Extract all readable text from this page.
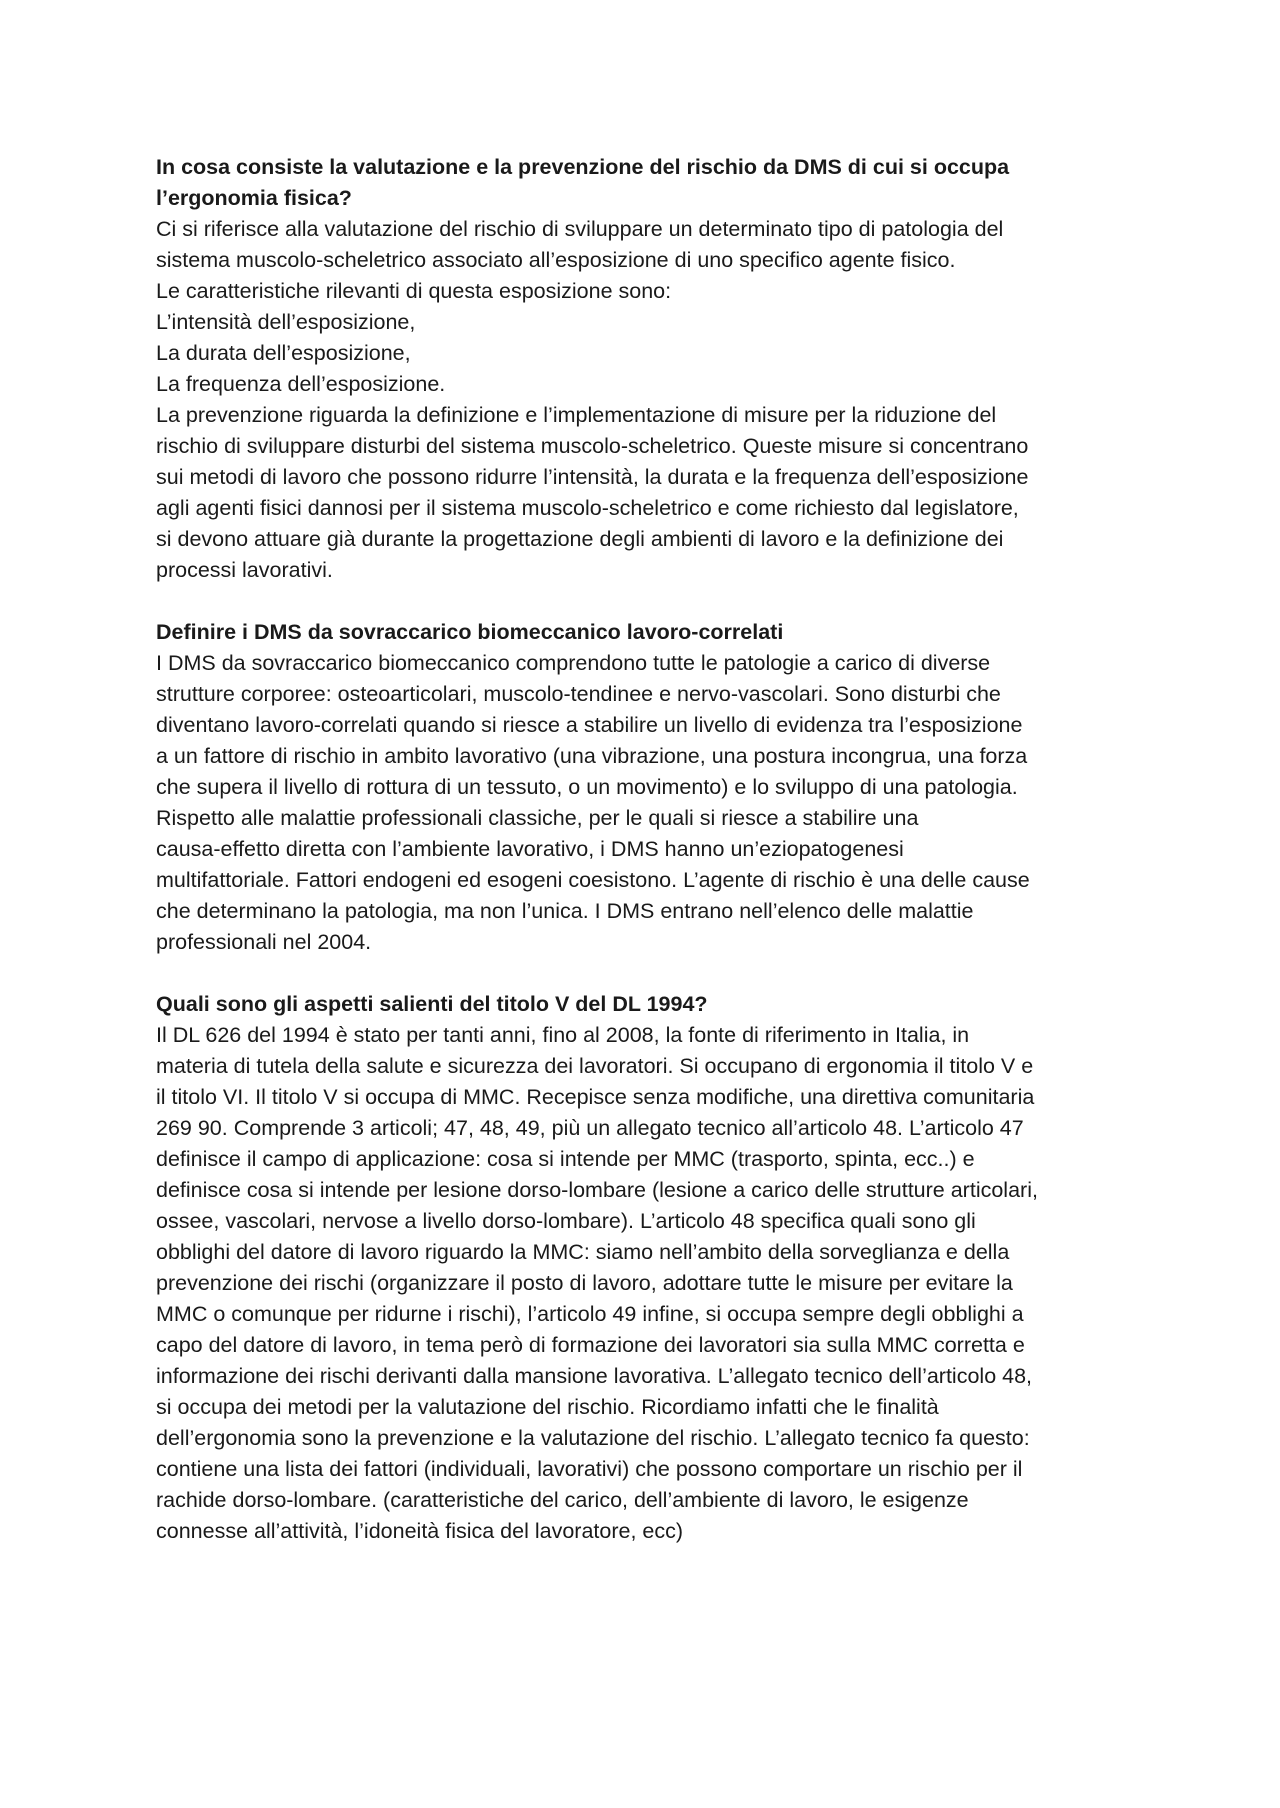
In cosa consiste la valutazione e la prevenzione del rischio da DMS di cui si occupa

l’ergonomia fisica?

Ci si riferisce alla valutazione del rischio di sviluppare un determinato tipo di patologia del

sistema muscolo-scheletrico associato all’esposizione di uno specifico agente fisico.

Le caratteristiche rilevanti di questa esposizione sono:

L’intensità dell’esposizione,

La durata dell’esposizione,

La frequenza dell’esposizione.

La prevenzione riguarda la definizione e l’implementazione di misure per la riduzione del

rischio di sviluppare disturbi del sistema muscolo-scheletrico. Queste misure si concentrano

sui metodi di lavoro che possono ridurre l’intensità, la durata e la frequenza dell’esposizione

agli agenti fisici dannosi per il sistema muscolo-scheletrico e come richiesto dal legislatore,

si devono attuare già durante la progettazione degli ambienti di lavoro e la definizione dei

processi lavorativi.

Definire i DMS da sovraccarico biomeccanico lavoro-correlati

I DMS da sovraccarico biomeccanico comprendono tutte le patologie a carico di diverse

strutture corporee: osteoarticolari, muscolo-tendinee e nervo-vascolari. Sono disturbi che

diventano lavoro-correlati quando si riesce a stabilire un livello di evidenza tra l’esposizione

a un fattore di rischio in ambito lavorativo (una vibrazione, una postura incongrua, una forza

che supera il livello di rottura di un tessuto, o un movimento) e lo sviluppo di una patologia.

Rispetto alle malattie professionali classiche, per le quali si riesce a stabilire una

causa-effetto diretta con l’ambiente lavorativo, i DMS hanno un’eziopatogenesi

multifattoriale. Fattori endogeni ed esogeni coesistono. L’agente di rischio è una delle cause

che determinano la patologia, ma non l’unica. I DMS entrano nell’elenco delle malattie

professionali nel 2004.

Quali sono gli aspetti salienti del titolo V del DL 1994?

Il DL 626 del 1994 è stato per tanti anni, fino al 2008, la fonte di riferimento in Italia, in

materia di tutela della salute e sicurezza dei lavoratori. Si occupano di ergonomia il titolo V e

il titolo VI. Il titolo V si occupa di MMC. Recepisce senza modifiche, una direttiva comunitaria

269 90. Comprende 3 articoli; 47, 48, 49, più un allegato tecnico all’articolo 48. L’articolo 47

definisce il campo di applicazione: cosa si intende per MMC (trasporto, spinta, ecc..) e

definisce cosa si intende per lesione dorso-lombare (lesione a carico delle strutture articolari,

ossee, vascolari, nervose a livello dorso-lombare). L’articolo 48 specifica quali sono gli

obblighi del datore di lavoro riguardo la MMC: siamo nell’ambito della sorveglianza e della

prevenzione dei rischi (organizzare il posto di lavoro, adottare tutte le misure per evitare la

MMC o comunque per ridurne i rischi), l’articolo 49 infine, si occupa sempre degli obblighi a

capo del datore di lavoro, in tema però di formazione dei lavoratori sia sulla MMC corretta e

informazione dei rischi derivanti dalla mansione lavorativa. L’allegato tecnico dell’articolo 48,

si occupa dei metodi per la valutazione del rischio. Ricordiamo infatti che le finalità

dell’ergonomia sono la prevenzione e la valutazione del rischio. L’allegato tecnico fa questo:

contiene una lista dei fattori (individuali, lavorativi) che possono comportare un rischio per il

rachide dorso-lombare. (caratteristiche del carico, dell’ambiente di lavoro, le esigenze

connesse all’attività, l’idoneità fisica del lavoratore, ecc)
